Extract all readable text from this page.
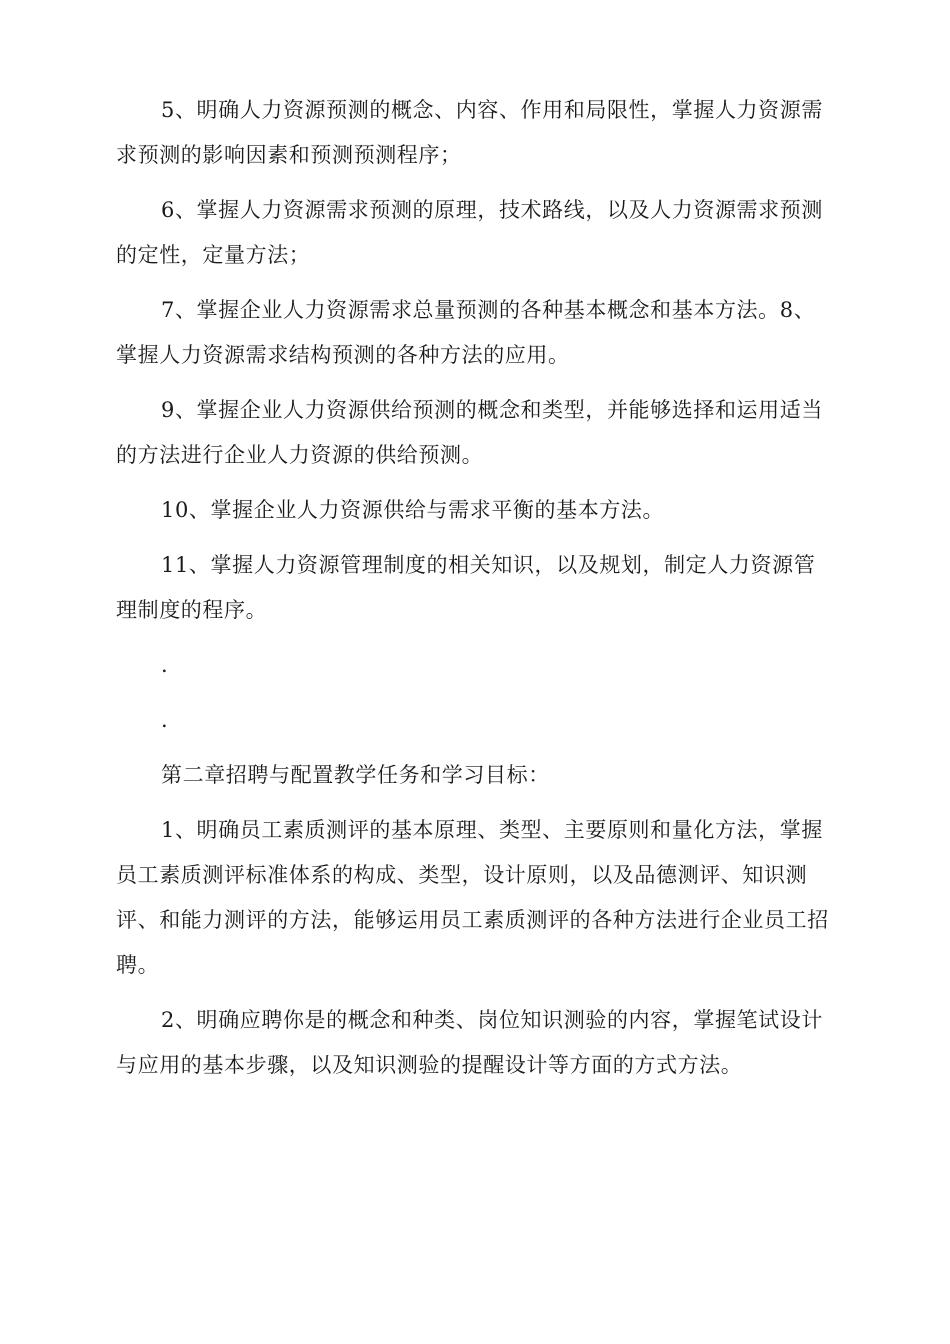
5、明确人力资源预测的概念、内容、作用和局限性，掌握人力资源需求预测的影响因素和预测预测程序；

6、掌握人力资源需求预测的原理，技术路线，以及人力资源需求预测的定性，定量方法；

7、掌握企业人力资源需求总量预测的各种基本概念和基本方法。8、掌握人力资源需求结构预测的各种方法的应用。

9、掌握企业人力资源供给预测的概念和类型，并能够选择和运用适当的方法进行企业人力资源的供给预测。

10、掌握企业人力资源供给与需求平衡的基本方法。

11、掌握人力资源管理制度的相关知识，以及规划，制定人力资源管理制度的程序。

.

.

第二章招聘与配置教学任务和学习目标：

1、明确员工素质测评的基本原理、类型、主要原则和量化方法，掌握员工素质测评标准体系的构成、类型，设计原则，以及品德测评、知识测评、和能力测评的方法，能够运用员工素质测评的各种方法进行企业员工招聘。

2、明确应聘你是的概念和种类、岗位知识测验的内容，掌握笔试设计与应用的基本步骤，以及知识测验的提醒设计等方面的方式方法。
